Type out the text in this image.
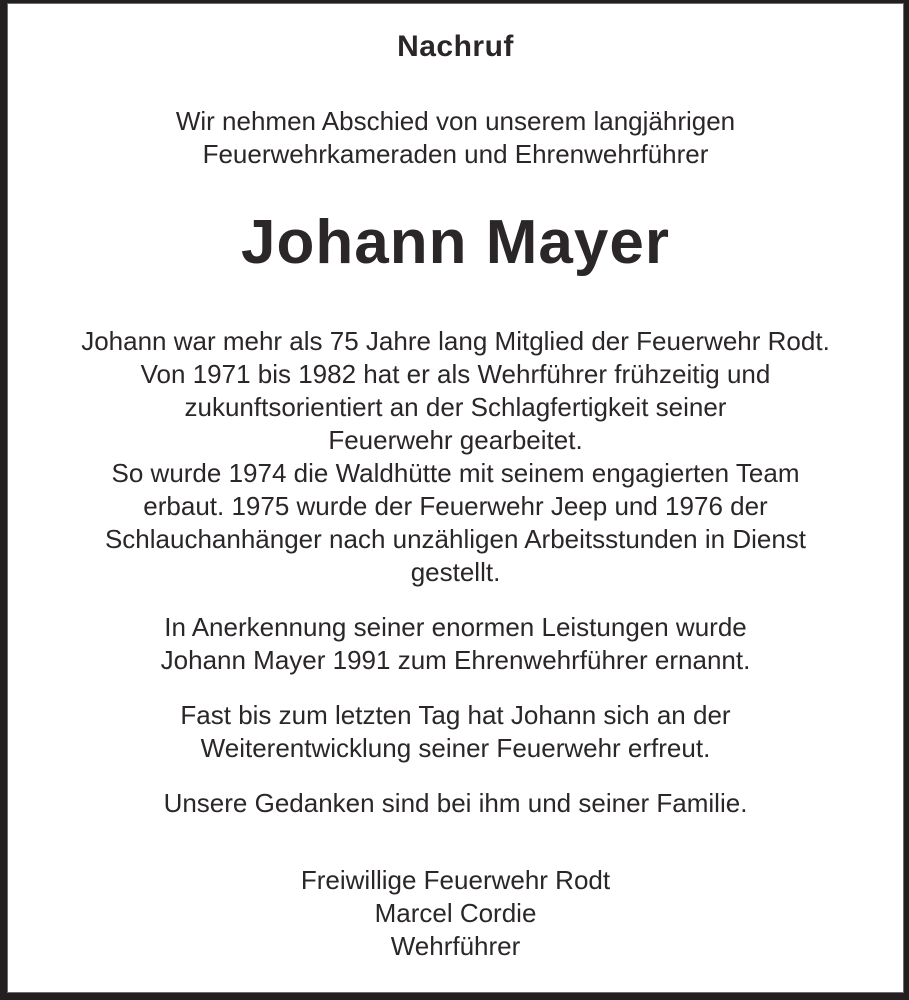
Nachruf
Wir nehmen Abschied von unserem langjährigen
Feuerwehrkameraden und Ehrenwehrführer
Johann Mayer
Johann war mehr als 75 Jahre lang Mitglied der Feuerwehr Rodt.
Von 1971 bis 1982 hat er als Wehrführer frühzeitig und
zukunftsorientiert an der Schlagfertigkeit seiner
Feuerwehr gearbeitet.
So wurde 1974 die Waldhütte mit seinem engagierten Team
erbaut. 1975 wurde der Feuerwehr Jeep und 1976 der
Schlauchanhänger nach unzähligen Arbeitsstunden in Dienst
gestellt.
In Anerkennung seiner enormen Leistungen wurde
Johann Mayer 1991 zum Ehrenwehrführer ernannt.
Fast bis zum letzten Tag hat Johann sich an der
Weiterentwicklung seiner Feuerwehr erfreut.
Unsere Gedanken sind bei ihm und seiner Familie.
Freiwillige Feuerwehr Rodt
Marcel Cordie
Wehrführer
